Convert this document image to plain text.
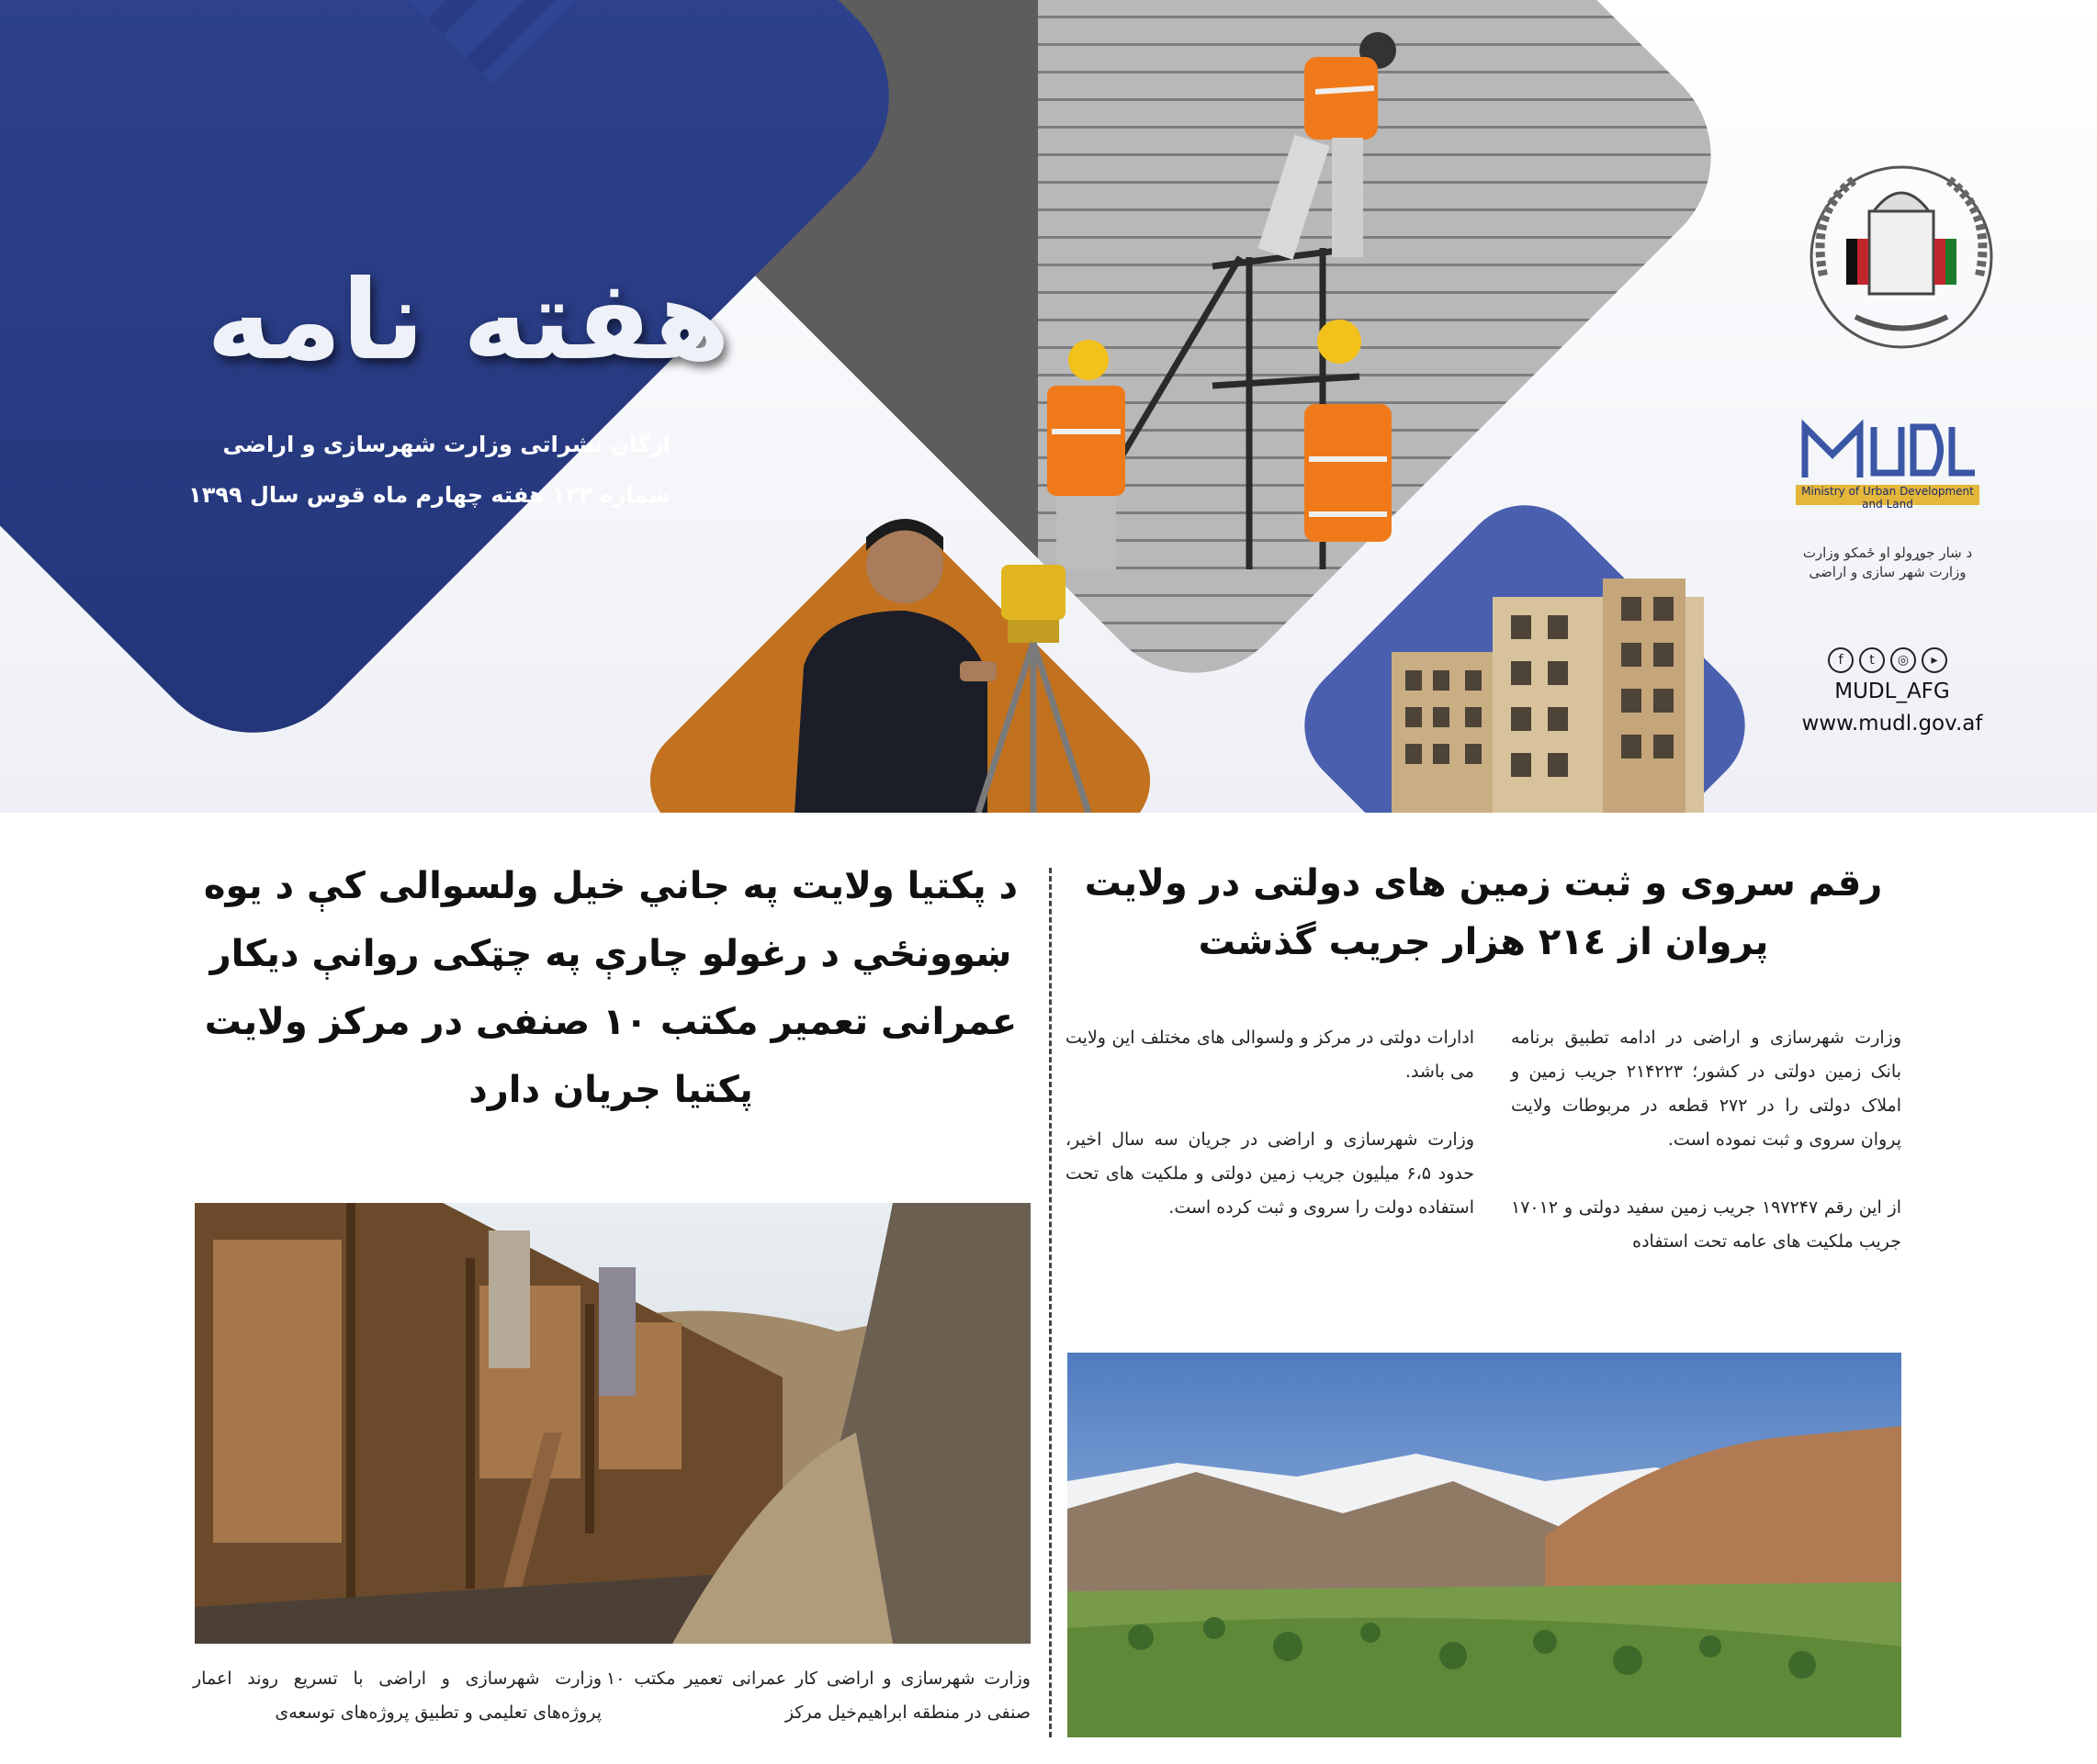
هفته نامه
ارگان نشراتی وزارت شهرسازی و اراضی
شماره ۱۳۲ هفته چهارم ماه قوس سال ۱۳۹۹	Ministry of Urban Development and Land
د ښار جوړولو او ځمکو وزارت
وزارت شهر سازی و اراضی
f	t	◎	▸
MUDL_AFG
www.mudl.gov.af
رقم سروی و ثبت زمین های دولتی در ولایت پروان از ۲۱٤ هزار جریب گذشت
د پکتیا ولایت په جاني خیل ولسوالی کې د یوه ښوونځي د رغولو چارې په چټکی روانې دیکار عمرانی تعمیر مکتب ۱۰ صنفی در مرکز ولایت پکتیا جریان دارد

وزارت شهرسازی و اراضی در ادامه تطبیق برنامه بانک زمین دولتی در کشور؛ ۲۱۴۲۲۳ جریب زمین و املاک دولتی را در ۲۷۲ قطعه در مربوطات ولایت پروان سروی و ثبت نموده است.

از این رقم ۱۹۷۲۴۷ جریب زمین سفید دولتی و ۱۷۰۱۲ جریب ملکیت های عامه تحت استفاده

ادارات دولتی در مرکز و ولسوالی های مختلف این ولایت می باشد.

وزارت شهرسازی و اراضی در جریان سه سال اخیر، حدود ۶،۵ میلیون جریب زمین دولتی و ملکیت های تحت استفاده دولت را سروی و ثبت کرده است.

وزارت شهرسازی و اراضی کار عمرانی تعمیر مکتب ۱۰ صنفی در منطقه ابراهیم‌خیل مرکز

وزارت شهرسازی و اراضی با تسریع روند اعمار پروژه‌های تعلیمی و تطبیق پروژه‌های توسعه‌ی
